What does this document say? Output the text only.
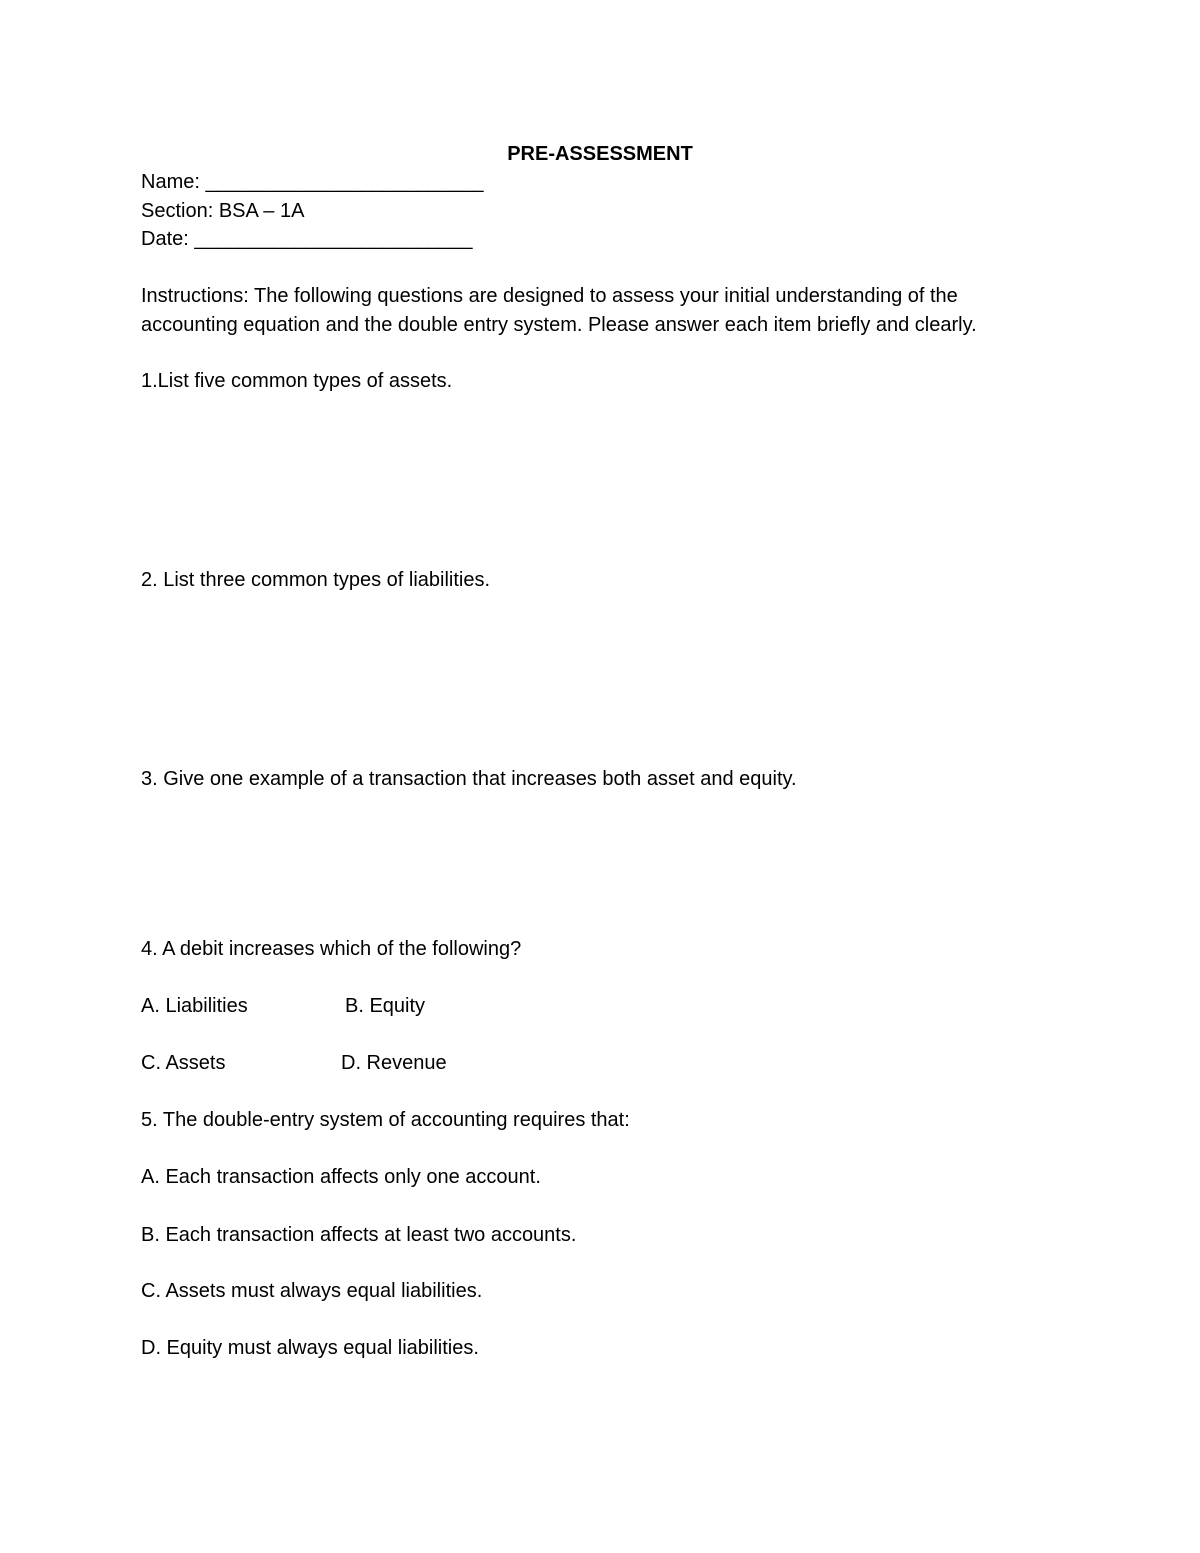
PRE-ASSESSMENT
Name: _________________________
Section: BSA – 1A
Date: _________________________
Instructions: The following questions are designed to assess your initial understanding of the
accounting equation and the double entry system. Please answer each item briefly and clearly.
1.List five common types of assets.
2. List three common types of liabilities.
3. Give one example of a transaction that increases both asset and equity.
4. A debit increases which of the following?
A. Liabilities	B. Equity
C. Assets	D. Revenue
5. The double-entry system of accounting requires that:
A. Each transaction affects only one account.
B. Each transaction affects at least two accounts.
C. Assets must always equal liabilities.
D. Equity must always equal liabilities.
